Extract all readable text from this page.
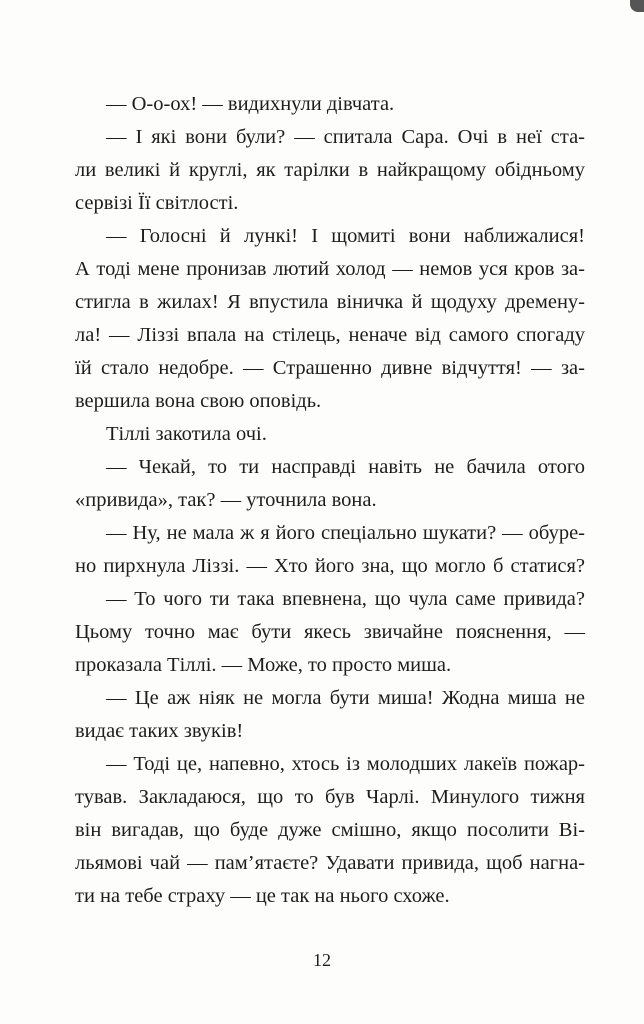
— О-о-ох! — видихнули дівчата.
— І які вони були? — спитала Сара. Очі в неї ста-
ли великі й круглі, як тарілки в найкращому обідньому
сервізі Її світлості.
— Голосні й лункі! І щомиті вони наближалися!
А тоді мене пронизав лютий холод — немов уся кров за-
стигла в жилах! Я впустила віничка й щодуху дремену-
ла! — Ліззі впала на стілець, неначе від самого спогаду
їй стало недобре. — Страшенно дивне відчуття! — за-
вершила вона свою оповідь.
Тіллі закотила очі.
— Чекай, то ти насправді навіть не бачила отого
«привида», так? — уточнила вона.
— Ну, не мала ж я його спеціально шукати? — обуре-
но пирхнула Ліззі. — Хто його зна, що могло б статися?
— То чого ти така впевнена, що чула саме привида?
Цьому точно має бути якесь звичайне пояснення, —
проказала Тіллі. — Може, то просто миша.
— Це аж ніяк не могла бути миша! Жодна миша не
видає таких звуків!
— Тоді це, напевно, хтось із молодших лакеїв пожар-
тував. Закладаюся, що то був Чарлі. Минулого тижня
він вигадав, що буде дуже смішно, якщо посолити Ві-
льямові чай — пам’ятаєте? Удавати привида, щоб нагна-
ти на тебе страху — це так на нього схоже.
12
